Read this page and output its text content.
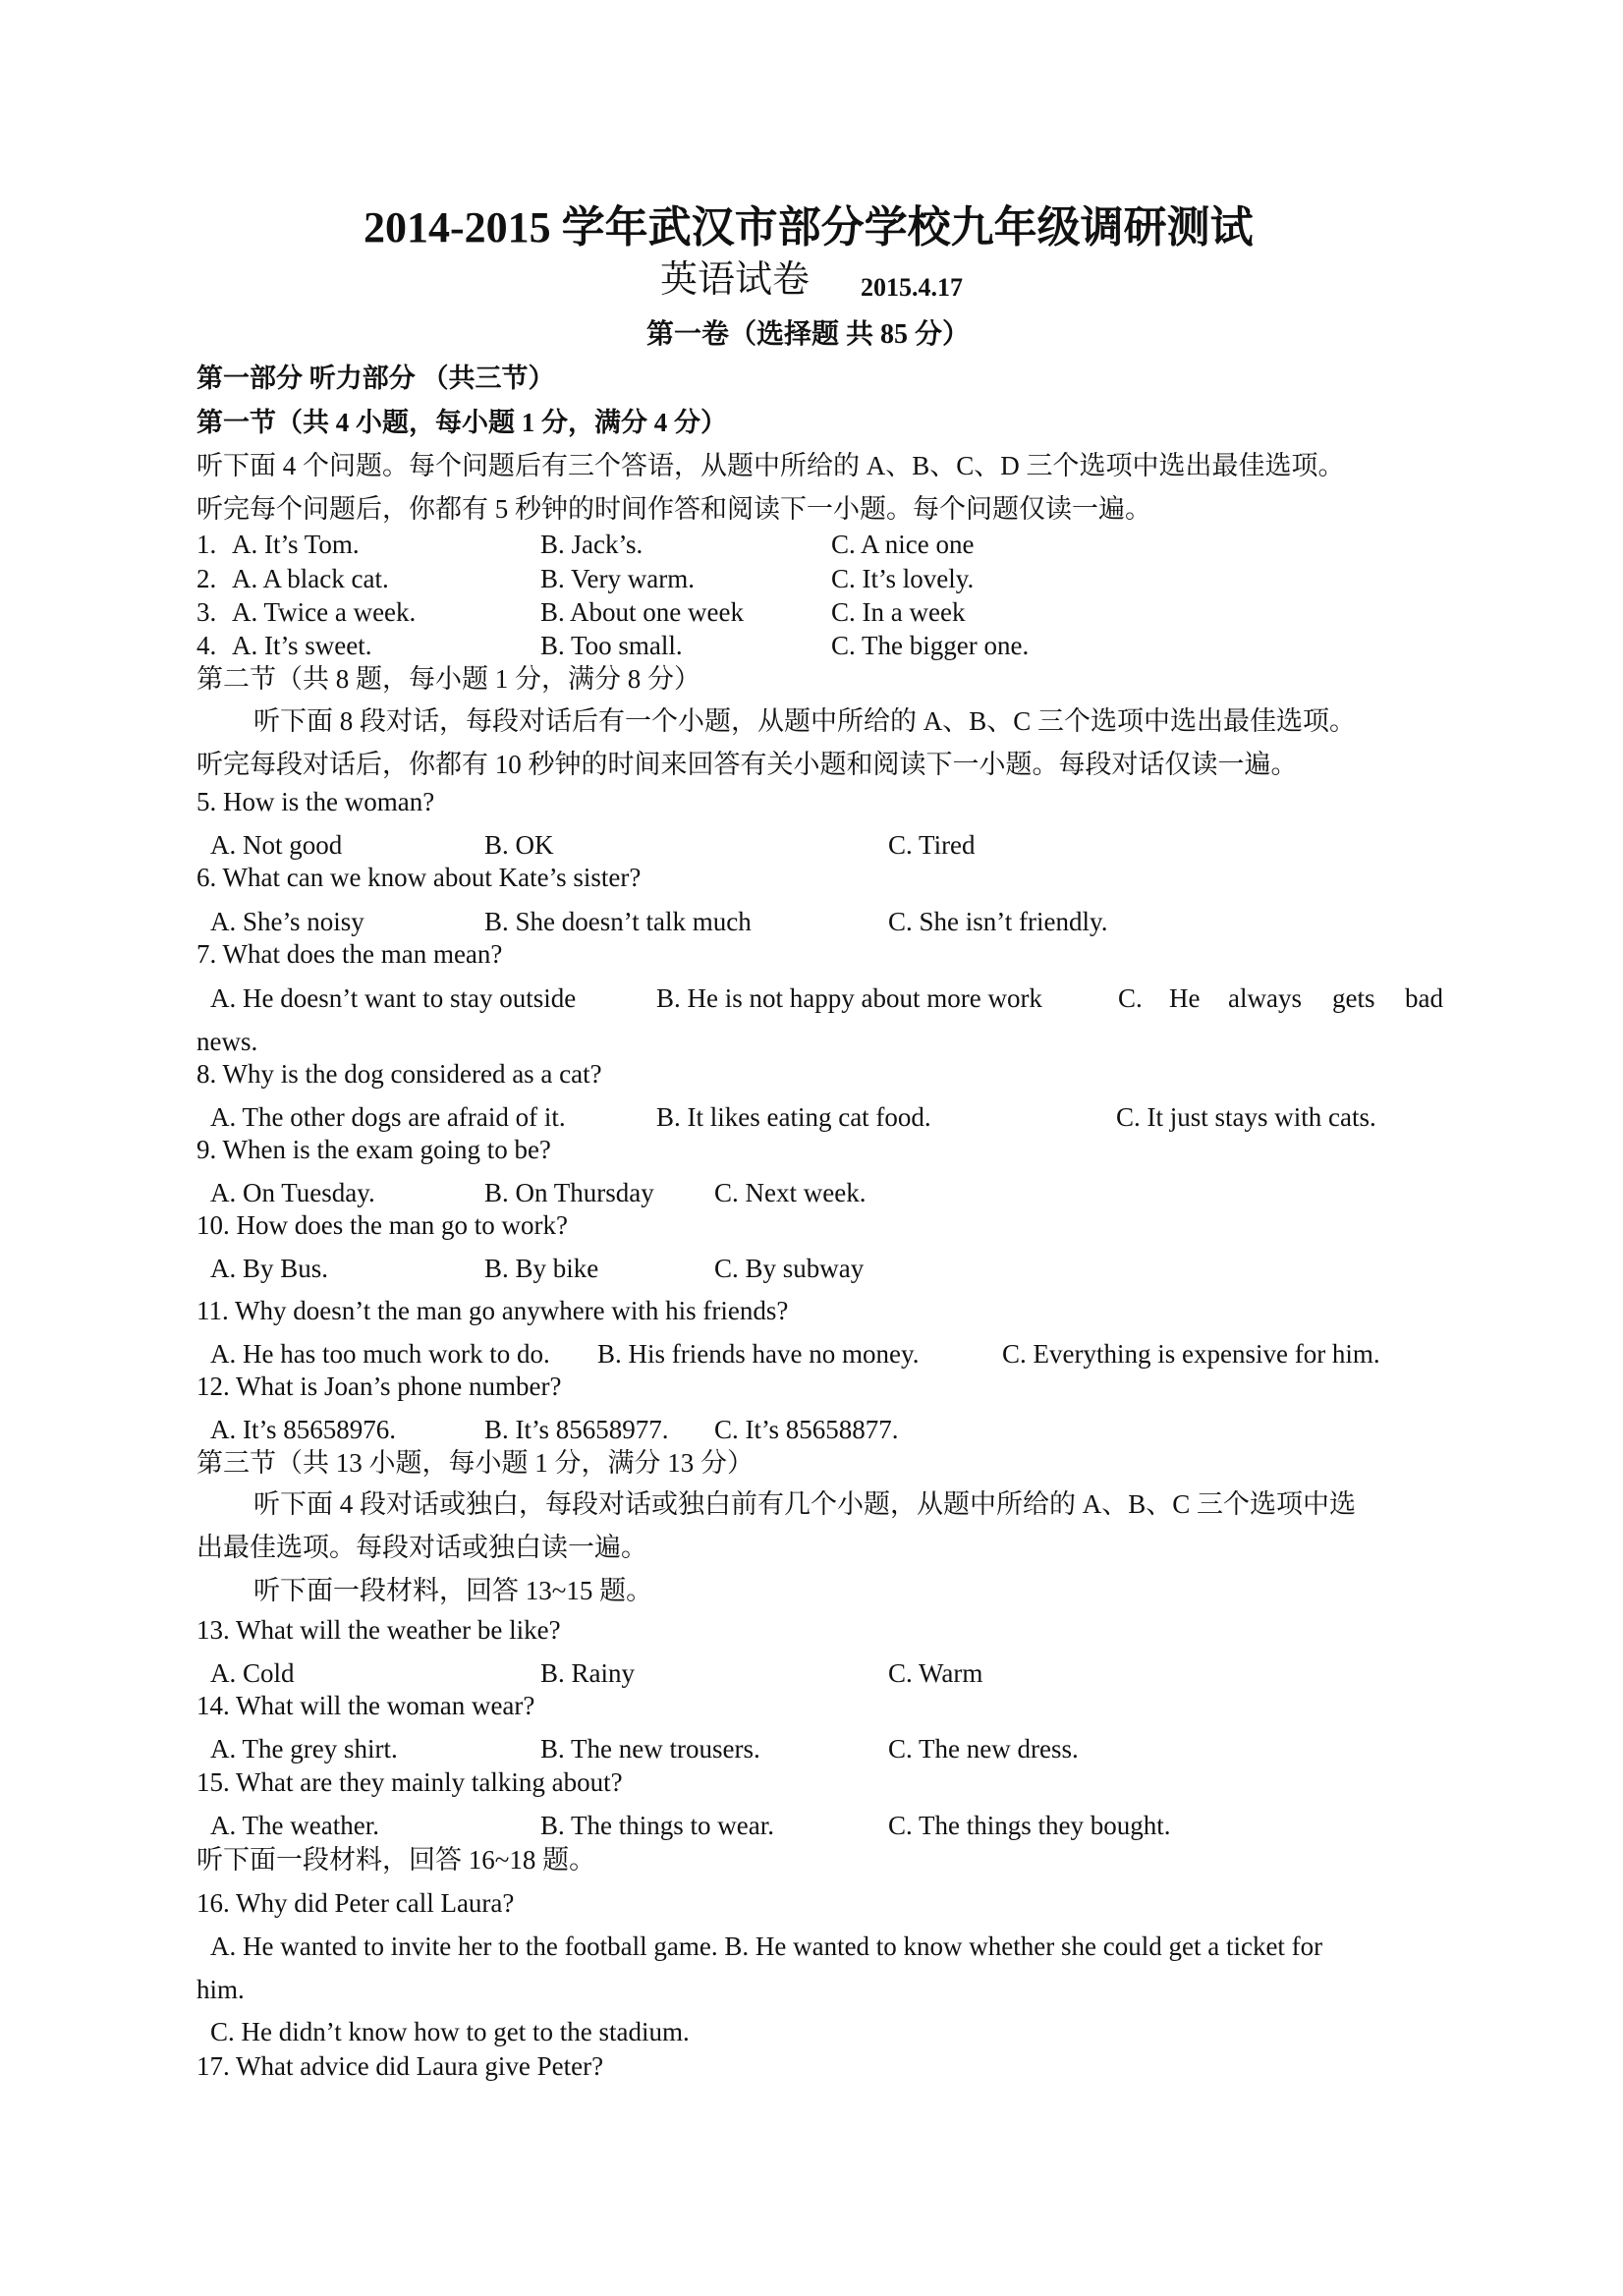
2014-2015 学年武汉市部分学校九年级调研测试
英语试卷 2015.4.17
第一卷（选择题 共 85 分）
第一部分 听力部分 （共三节）
第一节（共 4 小题，每小题 1 分，满分 4 分）
听下面 4 个问题。每个问题后有三个答语，从题中所给的 A、B、C、D 三个选项中选出最佳选项。
听完每个问题后，你都有 5 秒钟的时间作答和阅读下一小题。每个问题仅读一遍。
1. A. It’s Tom.	B. Jack’s.	C. A nice one
2. A. A black cat.	B. Very warm.	C. It’s lovely.
3. A. Twice a week.	B. About one week	C. In a week
4. A. It’s sweet.	B. Too small.	C. The bigger one.
第二节（共 8 题，每小题 1 分，满分 8 分）
听下面 8 段对话，每段对话后有一个小题，从题中所给的 A、B、C 三个选项中选出最佳选项。
听完每段对话后，你都有 10 秒钟的时间来回答有关小题和阅读下一小题。每段对话仅读一遍。
5. How is the woman?
A. Not good	B. OK	C. Tired
6. What can we know about Kate’s sister?
A. She’s noisy	B. She doesn’t talk much	C. She isn’t friendly.
7. What does the man mean?
A. He doesn’t want to stay outside	B. He is not happy about more work	C. He always gets bad
news.
8. Why is the dog considered as a cat?
A. The other dogs are afraid of it.	B. It likes eating cat food.	C. It just stays with cats.
9. When is the exam going to be?
A. On Tuesday.	B. On Thursday C. Next week.
10. How does the man go to work?
A. By Bus.	B. By bike	C. By subway
11. Why doesn’t the man go anywhere with his friends?
A. He has too much work to do. B. His friends have no money.	C. Everything is expensive for him.
12. What is Joan’s phone number?
A. It’s 85658976.	B. It’s 85658977. C. It’s 85658877.
第三节（共 13 小题，每小题 1 分，满分 13 分）
听下面 4 段对话或独白，每段对话或独白前有几个小题，从题中所给的 A、B、C 三个选项中选
出最佳选项。每段对话或独白读一遍。
听下面一段材料，回答 13~15 题。
13. What will the weather be like?
A. Cold	B. Rainy	C. Warm
14. What will the woman wear?
A. The grey shirt.	B. The new trousers.	C. The new dress.
15. What are they mainly talking about?
A. The weather.	B. The things to wear.	C. The things they bought.
听下面一段材料，回答 16~18 题。
16. Why did Peter call Laura?
A. He wanted to invite her to the football game. B. He wanted to know whether she could get a ticket for
him.
C. He didn’t know how to get to the stadium.
17. What advice did Laura give Peter?
